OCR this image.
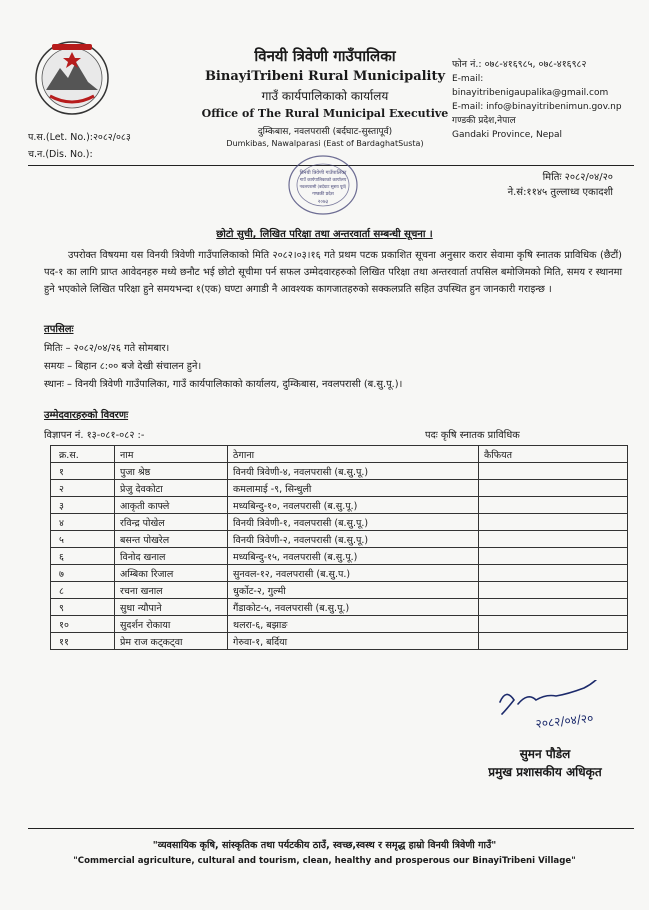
विनयी त्रिवेणी गाउँपालिका
BinayiTribeni Rural Municipality
गाउँ कार्यपालिकाको कार्यालय
Office of The Rural Municipal Executive
दुम्किबास, नवलपरासी (बर्दघाट-सुस्तापूर्व)
Dumkibas, Nawalparasi (East of BardaghatSusta)
फोन नं.: ०७८-४१६९८५, ०७८-४१६९८२
E-mail:
binayitribenigaupalika@gmail.com
E-mail: info@binayitribenimun.gov.np
गण्डकी प्रदेश,नेपाल
Gandaki Province, Nepal
प.स.(Let. No.):२०८२/०८३
च.न.(Dis. No.):
विनयी त्रिवेणी गाउँपालिका
गाउँ कार्यपालिकाको कार्यालय
नवलपरासी (बर्दघाट सुस्ता पूर्व)
गण्डकी प्रदेश
२०७३
मितिः २०८२/०४/२०
ने.सं:११४५ तुल्लाध्व एकादशी
छोटो सुची, लिखित परिक्षा तथा अन्तरवार्ता सम्बन्धी सूचना ।
उपरोक्त विषयमा यस विनयी त्रिवेणी गाउँपालिकाको मिति २०८२।०३।१६ गते प्रथम पटक प्रकाशित सूचना अनुसार करार सेवामा कृषि स्नातक प्राविधिक (छैटौं) पद-१ का लागि प्राप्त आवेदनहरु मध्ये छनौट भई छोटो सूचीमा पर्न सफल उम्मेदवारहरुको लिखित परिक्षा तथा अन्तरवार्ता तपसिल बमोजिमको मिति, समय र स्थानमा हुने भएकोले लिखित परिक्षा हुने समयभन्दा १(एक) घण्टा अगाडी नै आवश्यक कागजातहरुको सक्कलप्रति सहित उपस्थित हुन जानकारी गराइन्छ ।
तपसिलः
मितिः – २०८२/०४/२६ गते सोमबार।
समयः – बिहान ८:०० बजे देखी संचालन हुने।
स्थानः – विनयी त्रिवेणी गाउँपालिका, गाउँ कार्यपालिकाको कार्यालय, दुम्किबास, नवलपरासी (ब.सु.पू.)।
उम्मेदवारहरुको विवरणः
विज्ञापन नं. १३-०८१-०८२ :-	पदः कृषि स्नातक प्राविधिक
क्र.स.	नाम	ठेगाना	कैफियत
१	पुजा श्रेष्ठ	विनयी त्रिवेणी-४, नवलपरासी (ब.सु.पू.)	
२	प्रेजु देवकोटा	कमलामाई -९, सिन्धुली	
३	आकृती काफ्ले	मध्यबिन्दु-१०, नवलपरासी (ब.सु.पू.)	
४	रविन्द्र पोखेल	विनयी त्रिवेणी-१, नवलपरासी (ब.सु.पू.)	
५	बसन्त पोखरेल	विनयी त्रिवेणी-२, नवलपरासी (ब.सु.पू.)	
६	विनोद खनाल	मध्यबिन्दु-१५, नवलपरासी (ब.सु.पू.)	
७	अम्बिका रिजाल	सुनवल-१२, नवलपरासी (ब.सु.प.)	
८	रचना खनाल	धुर्कोट-२, गुल्मी	
९	सुधा न्यौपाने	गैंडाकोट-५, नवलपरासी (ब.सु.पू.)	
१०	सुदर्शन रोकाया	थलरा-६, बझाङ	
११	प्रेम राज कट्कट्वा	गेरुवा-१, बर्दिया	
२०८२/०४/२०
सुमन पौडेल
प्रमुख प्रशासकीय अधिकृत
"व्यवसायिक कृषि, सांस्कृतिक तथा पर्यटकीय ठाउँ, स्वच्छ,स्वस्थ र समृद्ध हाम्रो विनयी त्रिवेणी गाउँ"
"Commercial agriculture, cultural and tourism, clean, healthy and prosperous our BinayiTribeni Village"
